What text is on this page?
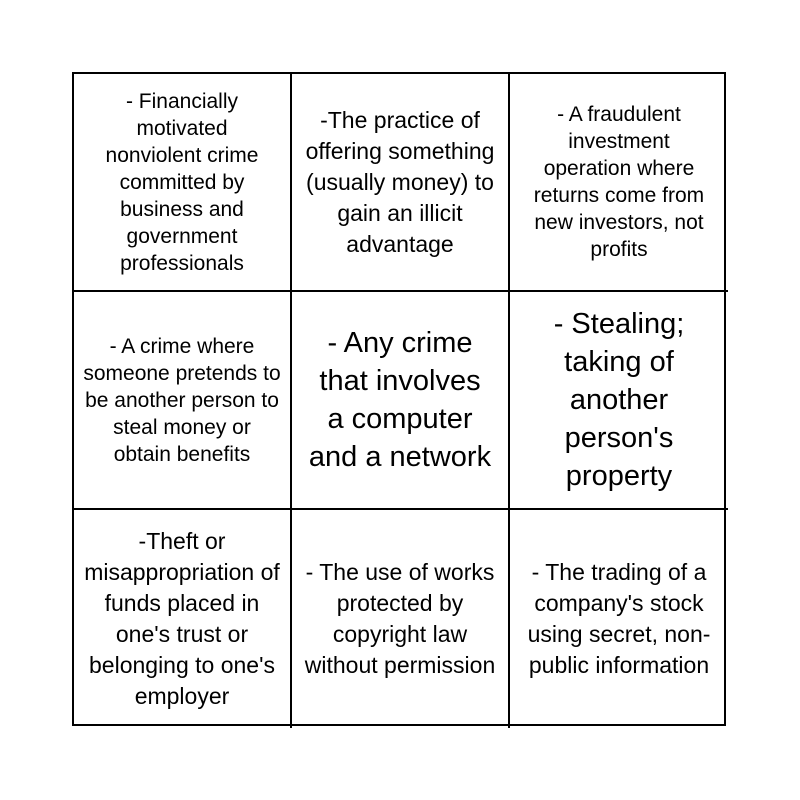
- Financially motivated nonviolent crime committed by business and government professionals
-The practice of offering something (usually money) to gain an illicit advantage
- A fraudulent investment operation where returns come from new investors, not profits
- A crime where someone pretends to be another person to steal money or obtain benefits
- Any crime that involves a computer and a network
- Stealing; taking of another person's property
-Theft or misappropriation of funds placed in one's trust or belonging to one's employer
- The use of works protected by copyright law without permission
- The trading of a company's stock using secret, non-public information
